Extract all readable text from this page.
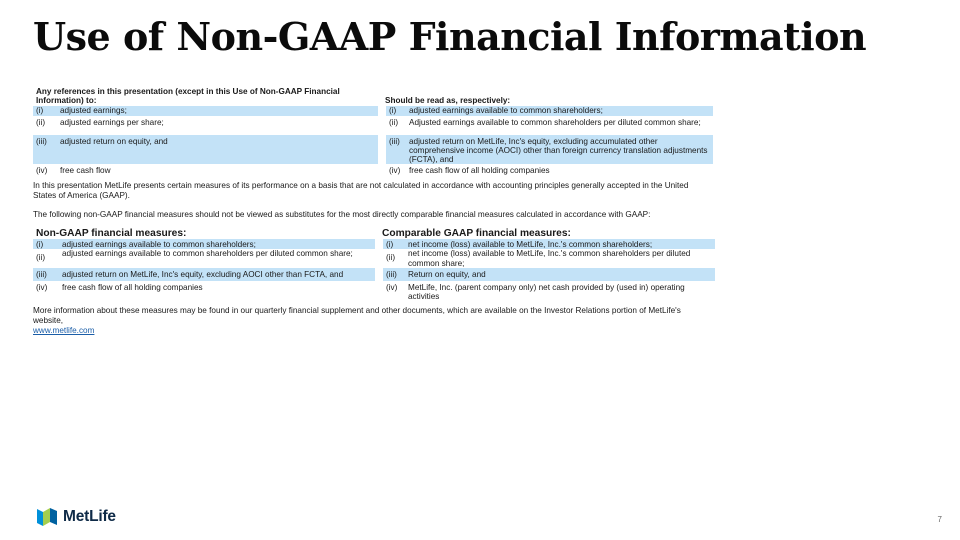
Use of Non-GAAP Financial Information
Any references in this presentation (except in this Use of Non-GAAP Financial Information) to:		Should be read as, respectively:	
(i)	adjusted earnings;	(i)	adjusted earnings available to common shareholders;
(ii)	adjusted earnings per share;	(ii)	Adjusted earnings available to common shareholders per diluted common share;
(iii)	adjusted return on equity, and	(iii)	adjusted return on MetLife, Inc's equity, excluding accumulated other comprehensive income (AOCI) other than foreign currency translation adjustments (FCTA), and
(iv)	free cash flow	(iv)	free cash flow of all holding companies
In this presentation MetLife presents certain measures of its performance on a basis that are not calculated in accordance with accounting principles generally accepted in the United States of America (GAAP).
The following non-GAAP financial measures should not be viewed as substitutes for the most directly comparable financial measures calculated in accordance with GAAP:
Non-GAAP financial measures:		Comparable GAAP financial measures:	
(i)	adjusted earnings available to common shareholders;	(i)	net income (loss) available to MetLife, Inc.'s common shareholders;
(ii)	adjusted earnings available to common shareholders per diluted common share;	(ii)	net income (loss) available to MetLife, Inc.'s common shareholders per diluted common share;
(iii)	adjusted return on MetLife, Inc's equity, excluding AOCI other than FCTA, and	(iii)	Return on equity, and
(iv)	free cash flow of all holding companies	(iv)	MetLife, Inc. (parent company only) net cash provided by (used in) operating activities
More information about these measures may be found in our quarterly financial supplement and other documents, which are available on the Investor Relations portion of MetLife's website,
www.metlife.com
MetLife	7
